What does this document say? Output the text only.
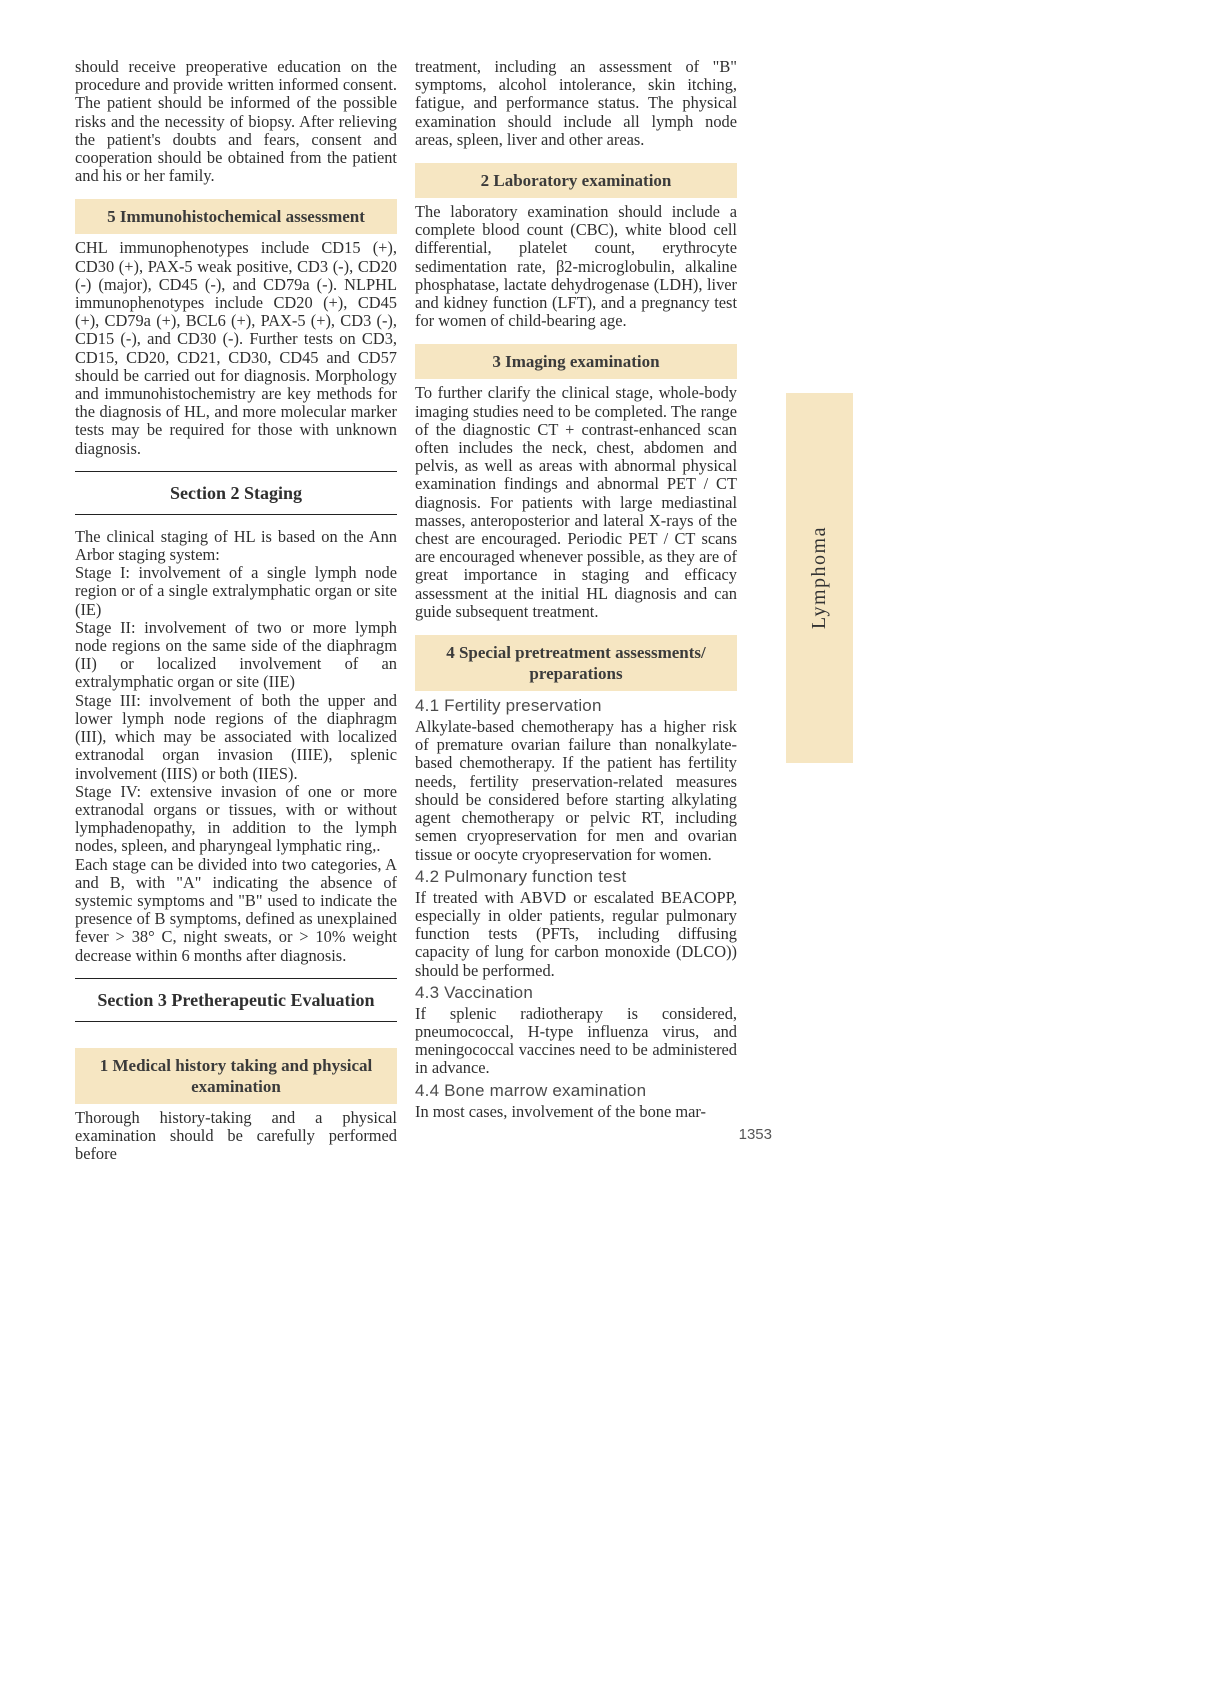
should receive preoperative education on the procedure and provide written informed consent. The patient should be informed of the possible risks and the necessity of biopsy. After relieving the patient's doubts and fears, consent and cooperation should be obtained from the patient and his or her family.

5 Immunohistochemical assessment

CHL immunophenotypes include CD15 (+), CD30 (+), PAX-5 weak positive, CD3 (-), CD20 (-) (major), CD45 (-), and CD79a (-). NLPHL immunophenotypes include CD20 (+), CD45 (+), CD79a (+), BCL6 (+), PAX-5 (+), CD3 (-), CD15 (-), and CD30 (-). Further tests on CD3, CD15, CD20, CD21, CD30, CD45 and CD57 should be carried out for diagnosis. Morphology and immunohistochemistry are key methods for the diagnosis of HL, and more molecular marker tests may be required for those with unknown diagnosis.

Section 2 Staging

The clinical staging of HL is based on the Ann Arbor staging system:

Stage I: involvement of a single lymph node region or of a single extralymphatic organ or site (IE)

Stage II: involvement of two or more lymph node regions on the same side of the diaphragm (II) or localized involvement of an extralymphatic organ or site (IIE)

Stage III: involvement of both the upper and lower lymph node regions of the diaphragm (III), which may be associated with localized extranodal organ invasion (IIIE), splenic involvement (IIIS) or both (IIES).

Stage IV: extensive invasion of one or more extranodal organs or tissues, with or without lymphadenopathy, in addition to the lymph nodes, spleen, and pharyngeal lymphatic ring,.

Each stage can be divided into two categories, A and B, with "A" indicating the absence of systemic symptoms and "B" used to indicate the presence of B symptoms, defined as unexplained fever > 38° C, night sweats, or > 10% weight decrease within 6 months after diagnosis.

Section 3 Pretherapeutic Evaluation
1 Medical history taking and physical examination

Thorough history-taking and a physical examination should be carefully performed before

treatment, including an assessment of "B" symptoms, alcohol intolerance, skin itching, fatigue, and performance status. The physical examination should include all lymph node areas, spleen, liver and other areas.

2 Laboratory examination

The laboratory examination should include a complete blood count (CBC), white blood cell differential, platelet count, erythrocyte sedimentation rate, β2-microglobulin, alkaline phosphatase, lactate dehydrogenase (LDH), liver and kidney function (LFT), and a pregnancy test for women of child-bearing age.

3 Imaging examination

To further clarify the clinical stage, whole-body imaging studies need to be completed. The range of the diagnostic CT + contrast-enhanced scan often includes the neck, chest, abdomen and pelvis, as well as areas with abnormal physical examination findings and abnormal PET / CT diagnosis. For patients with large mediastinal masses, anteroposterior and lateral X-rays of the chest are encouraged. Periodic PET / CT scans are encouraged whenever possible, as they are of great importance in staging and efficacy assessment at the initial HL diagnosis and can guide subsequent treatment.

4 Special pretreatment assessments/ preparations
4.1 Fertility preservation

Alkylate-based chemotherapy has a higher risk of premature ovarian failure than nonalkylate-based chemotherapy. If the patient has fertility needs, fertility preservation-related measures should be considered before starting alkylating agent chemotherapy or pelvic RT, including semen cryopreservation for men and ovarian tissue or oocyte cryopreservation for women.

4.2 Pulmonary function test

If treated with ABVD or escalated BEACOPP, especially in older patients, regular pulmonary function tests (PFTs, including diffusing capacity of lung for carbon monoxide (DLCO)) should be performed.

4.3 Vaccination

If splenic radiotherapy is considered, pneumococcal, H-type influenza virus, and meningococcal vaccines need to be administered in advance.

4.4 Bone marrow examination

In most cases, involvement of the bone mar-

Lymphoma
1353
